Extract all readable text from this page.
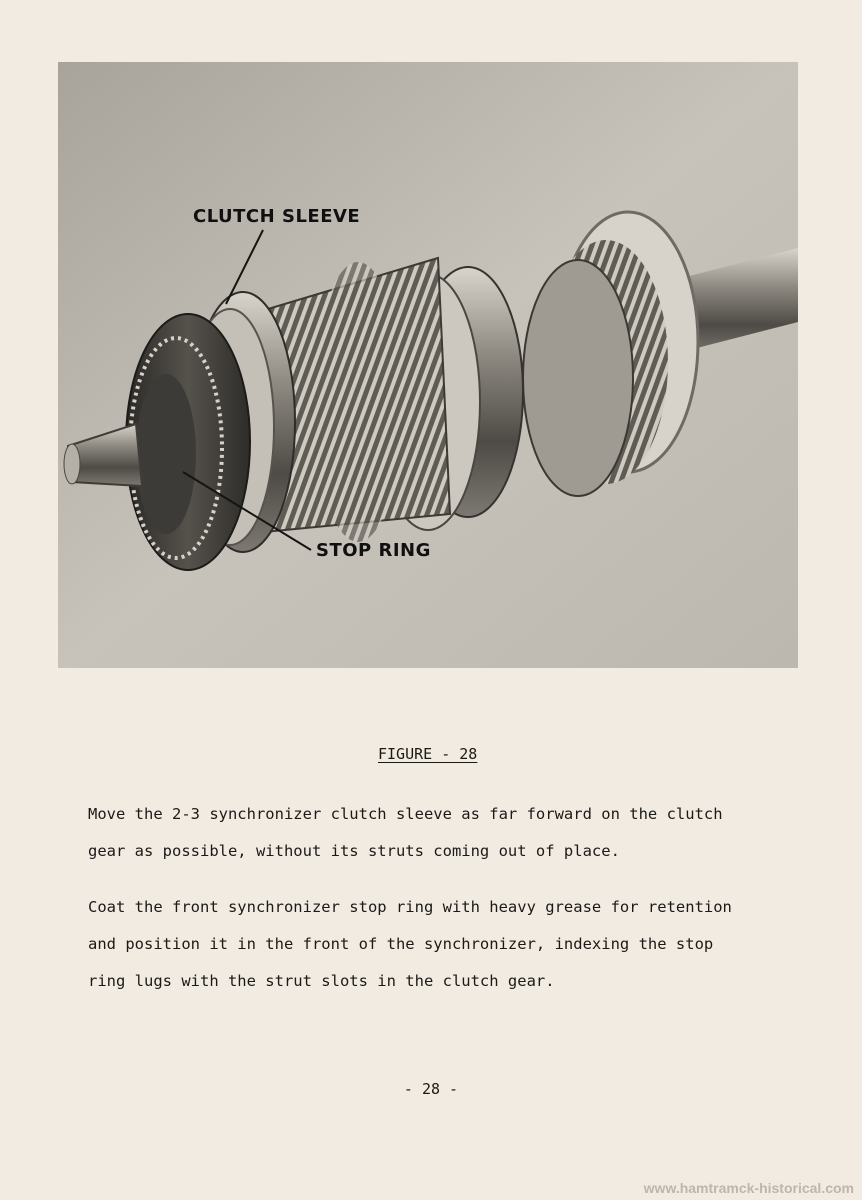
CLUTCH SLEEVE
STOP RING
FIGURE - 28
Move the 2-3 synchronizer clutch sleeve as far forward on the clutch
gear as possible, without its struts coming out of place.
Coat the front synchronizer stop ring with heavy grease for retention
and position it in the front of the synchronizer, indexing the stop
ring lugs with the strut slots in the clutch gear.
- 28 -
www.hamtramck-historical.com
